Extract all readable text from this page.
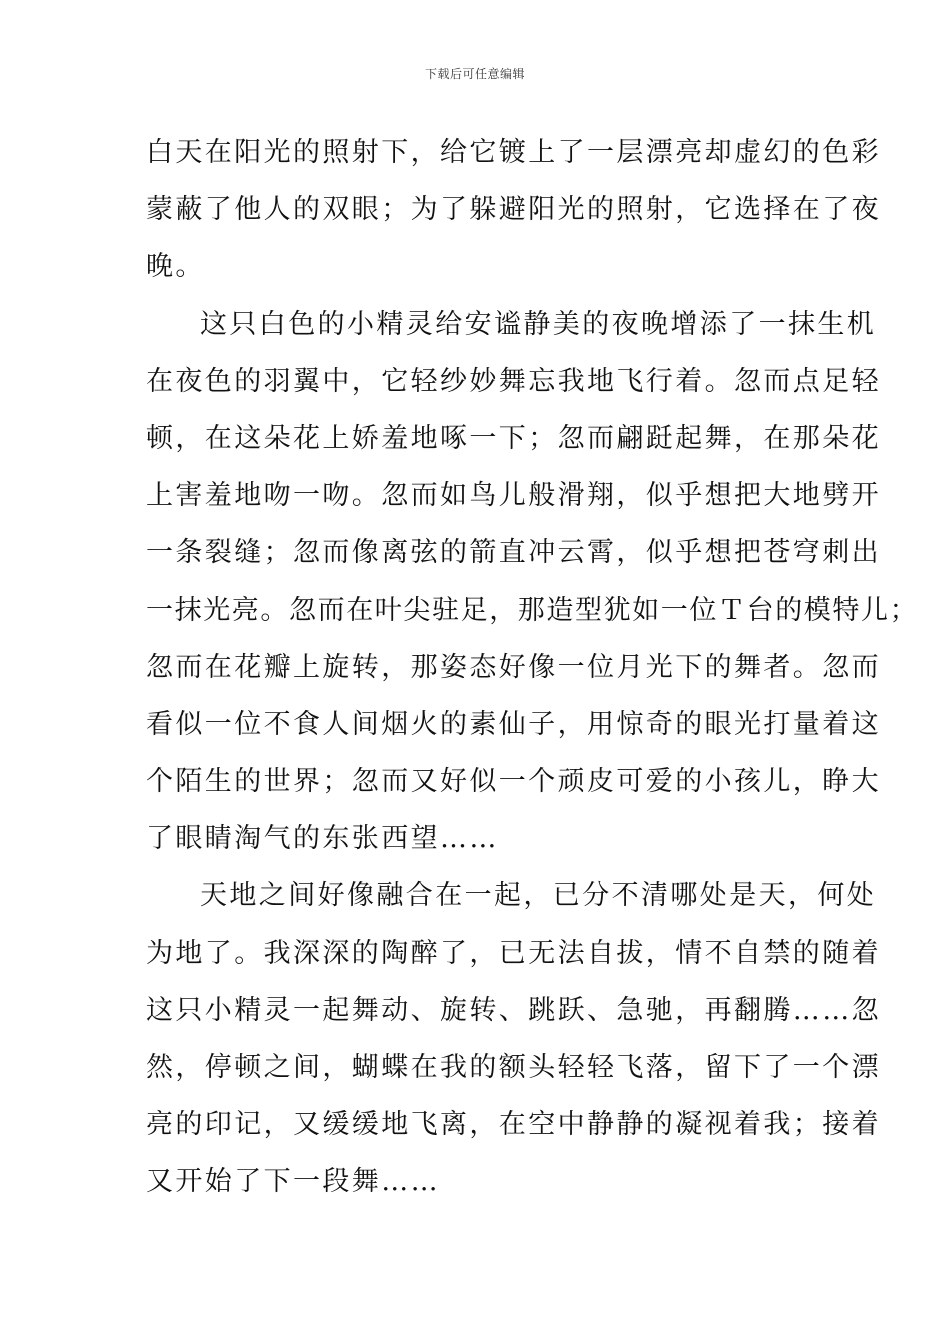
下载后可任意编辑
白天在阳光的照射下，给它镀上了一层漂亮却虚幻的色彩
蒙蔽了他人的双眼；为了躲避阳光的照射，它选择在了夜
晚。
这只白色的小精灵给安谧静美的夜晚增添了一抹生机
在夜色的羽翼中，它轻纱妙舞忘我地飞行着。忽而点足轻
顿，在这朵花上娇羞地啄一下；忽而翩跹起舞，在那朵花
上害羞地吻一吻。忽而如鸟儿般滑翔，似乎想把大地劈开
一条裂缝；忽而像离弦的箭直冲云霄，似乎想把苍穹刺出
一抹光亮。忽而在叶尖驻足，那造型犹如一位Ｔ台的模特儿；
忽而在花瓣上旋转，那姿态好像一位月光下的舞者。忽而
看似一位不食人间烟火的素仙子，用惊奇的眼光打量着这
个陌生的世界；忽而又好似一个顽皮可爱的小孩儿，睁大
了眼睛淘气的东张西望……
天地之间好像融合在一起，已分不清哪处是天，何处
为地了。我深深的陶醉了，已无法自拔，情不自禁的随着
这只小精灵一起舞动、旋转、跳跃、急驰，再翻腾……忽
然，停顿之间，蝴蝶在我的额头轻轻飞落，留下了一个漂
亮的印记，又缓缓地飞离，在空中静静的凝视着我；接着
又开始了下一段舞……
